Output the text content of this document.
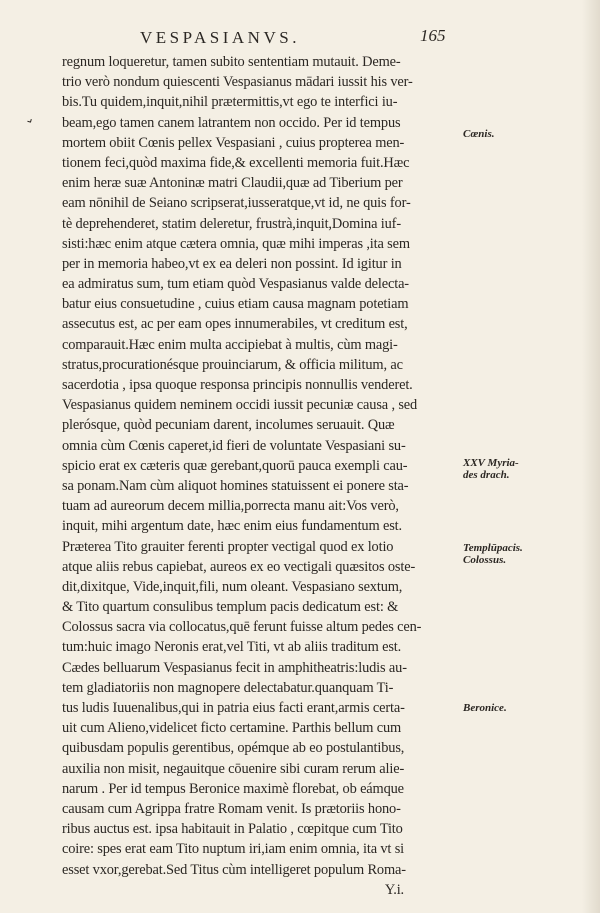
VESPASIANVS.	165
⌄
regnum loqueretur, tamen subito sententiam mutauit. Deme-
trio verò nondum quiescenti Vespasianus mādari iussit his ver-
bis.Tu quidem,inquit,nihil prætermittis,vt ego te interfici iu-
beam,ego tamen canem latrantem non occido. Per id tempus
mortem obiit Cœnis pellex Vespasiani , cuius propterea men-
tionem feci,quòd maxima fide,& excellenti memoria fuit.Hæc
enim heræ suæ Antoninæ matri Claudii,quæ ad Tiberium per
eam nōnihil de Seiano scripserat,iusseratque,vt id, ne quis for-
tè deprehenderet, statim deleretur, frustrà,inquit,Domina iuf-
sisti:hæc enim atque cætera omnia, quæ mihi imperas ,ita sem
per in memoria habeo,vt ex ea deleri non possint. Id igitur in
ea admiratus sum, tum etiam quòd Vespasianus valde delecta-
batur eius consuetudine , cuius etiam causa magnam potetiam
assecutus est, ac per eam opes innumerabiles, vt creditum est,
comparauit.Hæc enim multa accipiebat à multis, cùm magi-
stratus,procurationésque prouinciarum, & officia militum, ac
sacerdotia , ipsa quoque responsa principis nonnullis venderet.
Vespasianus quidem neminem occidi iussit pecuniæ causa , sed
plerósque, quòd pecuniam darent, incolumes seruauit. Quæ
omnia cùm Cœnis caperet,id fieri de voluntate Vespasiani su-
spicio erat ex cæteris quæ gerebant,quorū pauca exempli cau-
sa ponam.Nam cùm aliquot homines statuissent ei ponere sta-
tuam ad aureorum decem millia,porrecta manu ait:Vos verò,
inquit, mihi argentum date, hæc enim eius fundamentum est.
Præterea Tito grauiter ferenti propter vectigal quod ex lotio
atque aliis rebus capiebat, aureos ex eo vectigali quæsitos oste-
dit,dixitque, Vide,inquit,fili, num oleant. Vespasiano sextum,
& Tito quartum consulibus templum pacis dedicatum est: &
Colossus sacra via collocatus,quē ferunt fuisse altum pedes cen-
tum:huic imago Neronis erat,vel Titi, vt ab aliis traditum est.
Cædes belluarum Vespasianus fecit in amphitheatris:ludis au-
tem gladiatoriis non magnopere delectabatur.quanquam Ti-
tus ludis Iuuenalibus,qui in patria eius facti erant,armis certa-
uit cum Alieno,videlicet ficto certamine. Parthis bellum cum
quibusdam populis gerentibus, opémque ab eo postulantibus,
auxilia non misit, negauitque cōuenire sibi curam rerum alie-
narum . Per id tempus Beronice maximè florebat, ob eámque
causam cum Agrippa fratre Romam venit. Is prætoriis hono-
ribus auctus est. ipsa habitauit in Palatio , cœpitque cum Tito
coire: spes erat eam Tito nuptum iri,iam enim omnia, ita vt si
esset vxor,gerebat.Sed Titus cùm intelligeret populum Roma-
Y.i.
Cœnis.
XXV Myria-
des drach.
Templūpacis.
Colossus.
Beronice.
